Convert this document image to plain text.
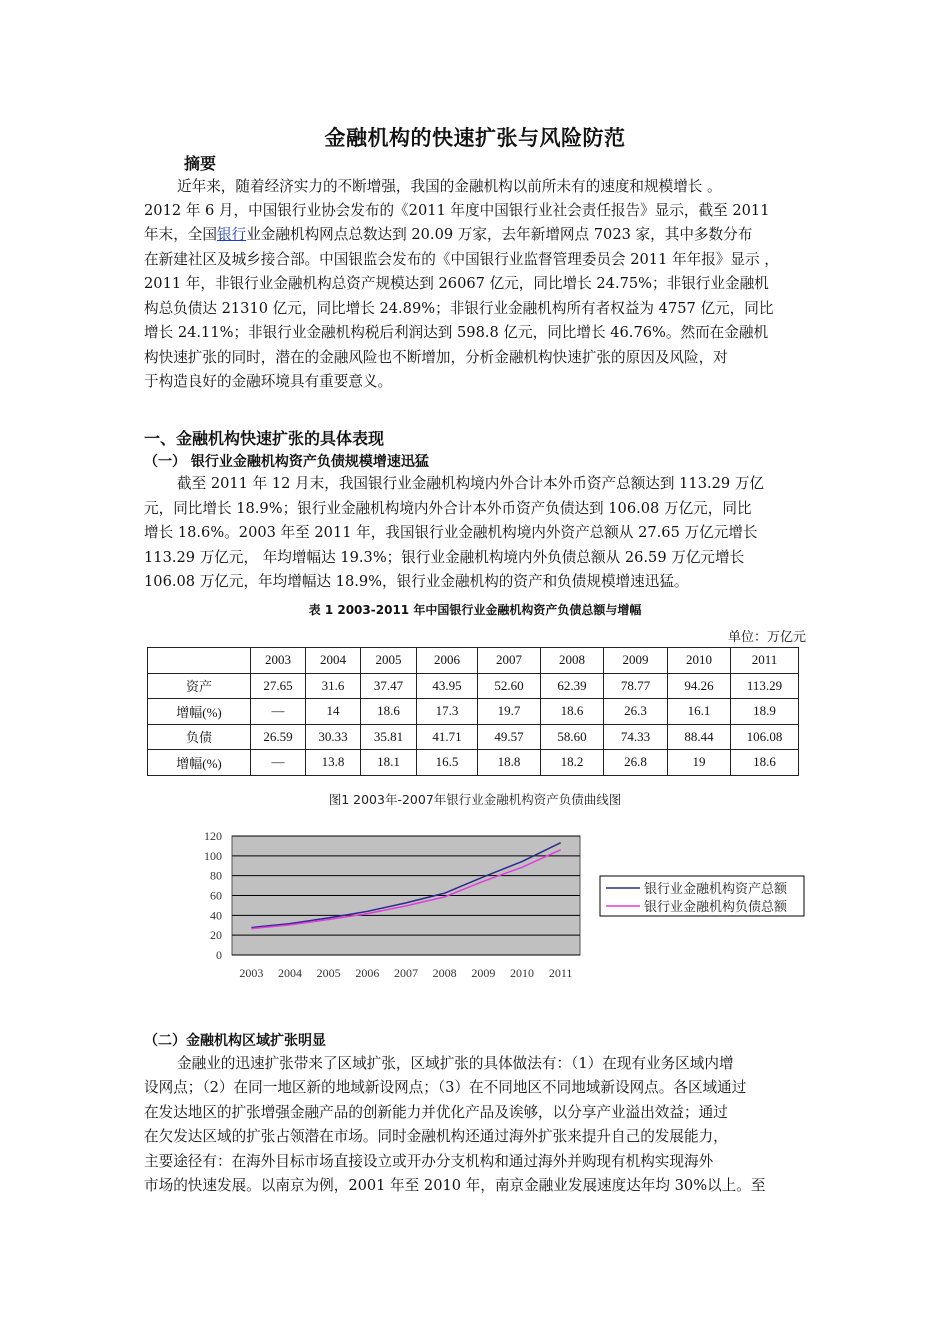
金融机构的快速扩张与风险防范
摘要
近年来，随着经济实力的不断增强，我国的金融机构以前所未有的速度和规模增长 。
2012 年 6 月，中国银行业协会发布的《2011 年度中国银行业社会责任报告》显示，截至 2011
年末，全国银行业金融机构网点总数达到 20.09 万家，去年新增网点 7023 家，其中多数分布
在新建社区及城乡接合部。中国银监会发布的《中国银行业监督管理委员会 2011 年年报》显示 ，
2011 年，非银行业金融机构总资产规模达到 26067 亿元，同比增长 24.75%；非银行业金融机
构总负债达 21310 亿元，同比增长 24.89%；非银行业金融机构所有者权益为 4757 亿元，同比
增长 24.11%；非银行业金融机构税后利润达到 598.8 亿元，同比增长 46.76%。然而在金融机
构快速扩张的同时，潜在的金融风险也不断增加，分析金融机构快速扩张的原因及风险，对
于构造良好的金融环境具有重要意义。
一、金融机构快速扩张的具体表现
（一） 银行业金融机构资产负债规模增速迅猛
截至 2011 年 12 月末，我国银行业金融机构境内外合计本外币资产总额达到 113.29 万亿
元，同比增长 18.9%；银行业金融机构境内外合计本外币资产负债达到 106.08 万亿元，同比
增长 18.6%。2003 年至 2011 年，我国银行业金融机构境内外资产总额从 27.65 万亿元增长
113.29 万亿元， 年均增幅达 19.3%；银行业金融机构境内外负债总额从 26.59 万亿元增长
106.08 万亿元，年均增幅达 18.9%，银行业金融机构的资产和负债规模增速迅猛。
表 1 2003-2011 年中国银行业金融机构资产负债总额与增幅
单位：万亿元
	2003	2004	2005	2006	2007	2008	2009	2010	2011
资产	27.65	31.6	37.47	43.95	52.60	62.39	78.77	94.26	113.29
增幅(%)	—	14	18.6	17.3	19.7	18.6	26.3	16.1	18.9
负债	26.59	30.33	35.81	41.71	49.57	58.60	74.33	88.44	106.08
增幅(%)	—	13.8	18.1	16.5	18.8	18.2	26.8	19	18.6
图1 2003年-2007年银行业金融机构资产负债曲线图
0
20
40
60
80
100
120
2003 2004 2005 2006 2007 2008 2009 2010 2011
银行业金融机构资产总额
银行业金融机构负债总额
（二）金融机构区域扩张明显
金融业的迅速扩张带来了区域扩张，区域扩张的具体做法有：（1）在现有业务区域内增
设网点；（2）在同一地区新的地域新设网点；（3）在不同地区不同地域新设网点。各区域通过
在发达地区的扩张增强金融产品的创新能力并优化产品及诶够，以分享产业溢出效益；通过
在欠发达区域的扩张占领潜在市场。同时金融机构还通过海外扩张来提升自己的发展能力，
主要途径有：在海外目标市场直接设立或开办分支机构和通过海外并购现有机构实现海外
市场的快速发展。以南京为例，2001 年至 2010 年，南京金融业发展速度达年均 30%以上。至
